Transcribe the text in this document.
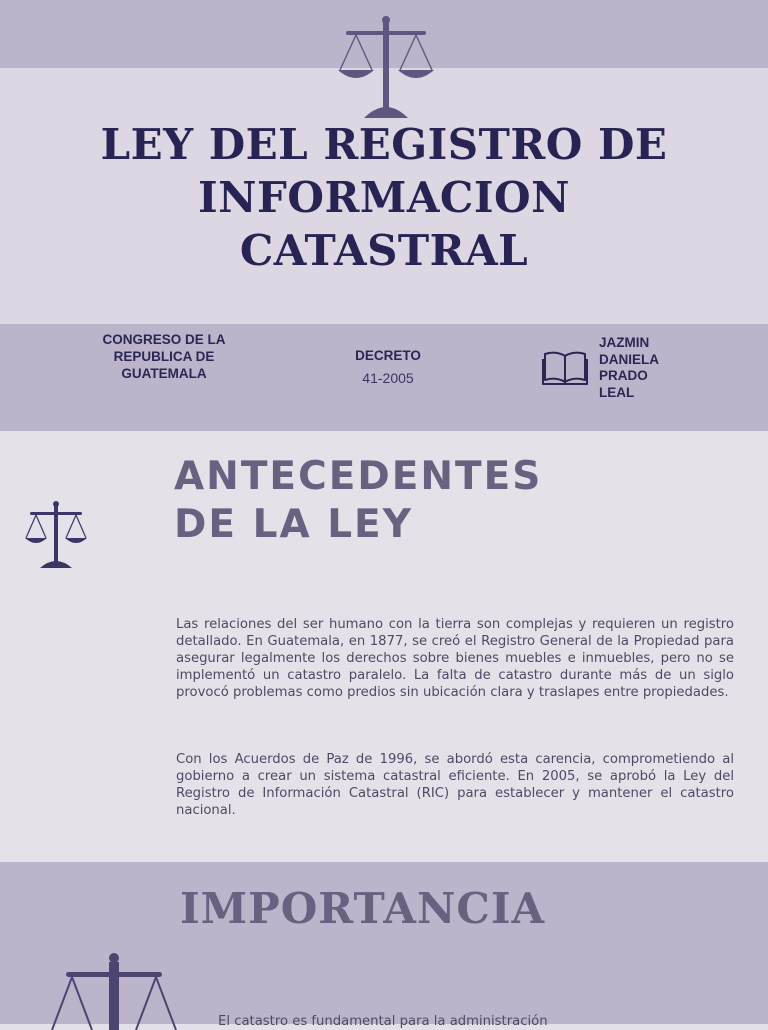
LEY DEL REGISTRO DE
INFORMACION
CATASTRAL
CONGRESO DE LA REPUBLICA DE GUATEMALA
DECRETO
41-2005
JAZMIN
DANIELA
PRADO
LEAL
ANTECEDENTES
DE LA LEY
Las relaciones del ser humano con la tierra son complejas y requieren un registro detallado. En Guatemala, en 1877, se creó el Registro General de la Propiedad para asegurar legalmente los derechos sobre bienes muebles e inmuebles, pero no se implementó un catastro paralelo. La falta de catastro durante más de un siglo provocó problemas como predios sin ubicación clara y traslapes entre propiedades.
Con los Acuerdos de Paz de 1996, se abordó esta carencia, comprometiendo al gobierno a crear un sistema catastral eficiente. En 2005, se aprobó la Ley del Registro de Información Catastral (RIC) para establecer y mantener el catastro nacional.
IMPORTANCIA
El catastro es fundamental para la administración
